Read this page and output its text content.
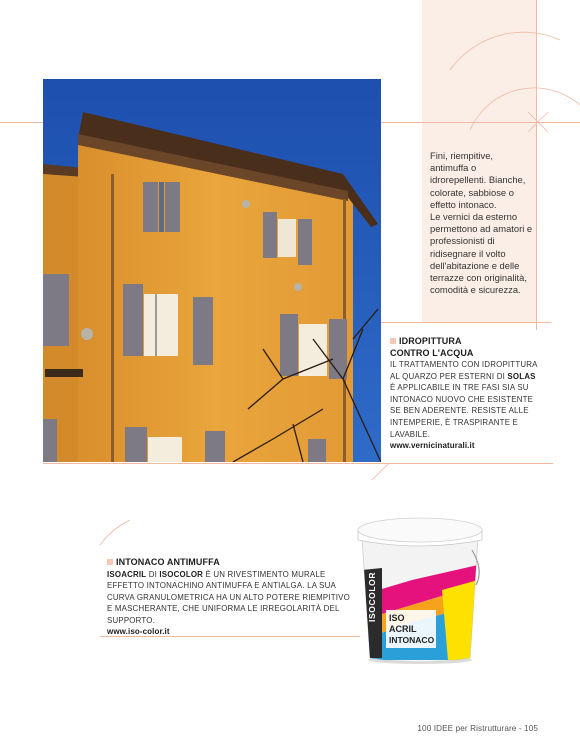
Fini, riempitive, antimuffa o idrorepellenti. Bianche, colorate, sabbiose o effetto intonaco.

Le vernici da esterno permettono ad amatori e professionisti di ridisegnare il volto dell'abitazione e delle terrazze con originalità, comodità e sicurezza.

IDROPITTURA
CONTRO L'ACQUA
IL TRATTAMENTO CON IDROPITTURA AL QUARZO PER ESTERNI DI SOLAS È APPLICABILE IN TRE FASI SIA SU INTONACO NUOVO CHE ESISTENTE SE BEN ADERENTE. RESISTE ALLE INTEMPERIE, È TRASPIRANTE E LAVABILE.
www.vernicinaturali.it
INTONACO ANTIMUFFA
ISOACRIL DI ISOCOLOR È UN RIVESTIMENTO MURALE EFFETTO INTONACHINO ANTIMUFFA E ANTIALGA. LA SUA CURVA GRANULOMETRICA HA UN ALTO POTERE RIEMPITIVO E MASCHERANTE, CHE UNIFORMA LE IRREGOLARITÀ DEL SUPPORTO.
www.iso-color.it
ISOCOLOR ISO
ACRIL
INTONACO
100 IDEE per Ristrutturare - 105
